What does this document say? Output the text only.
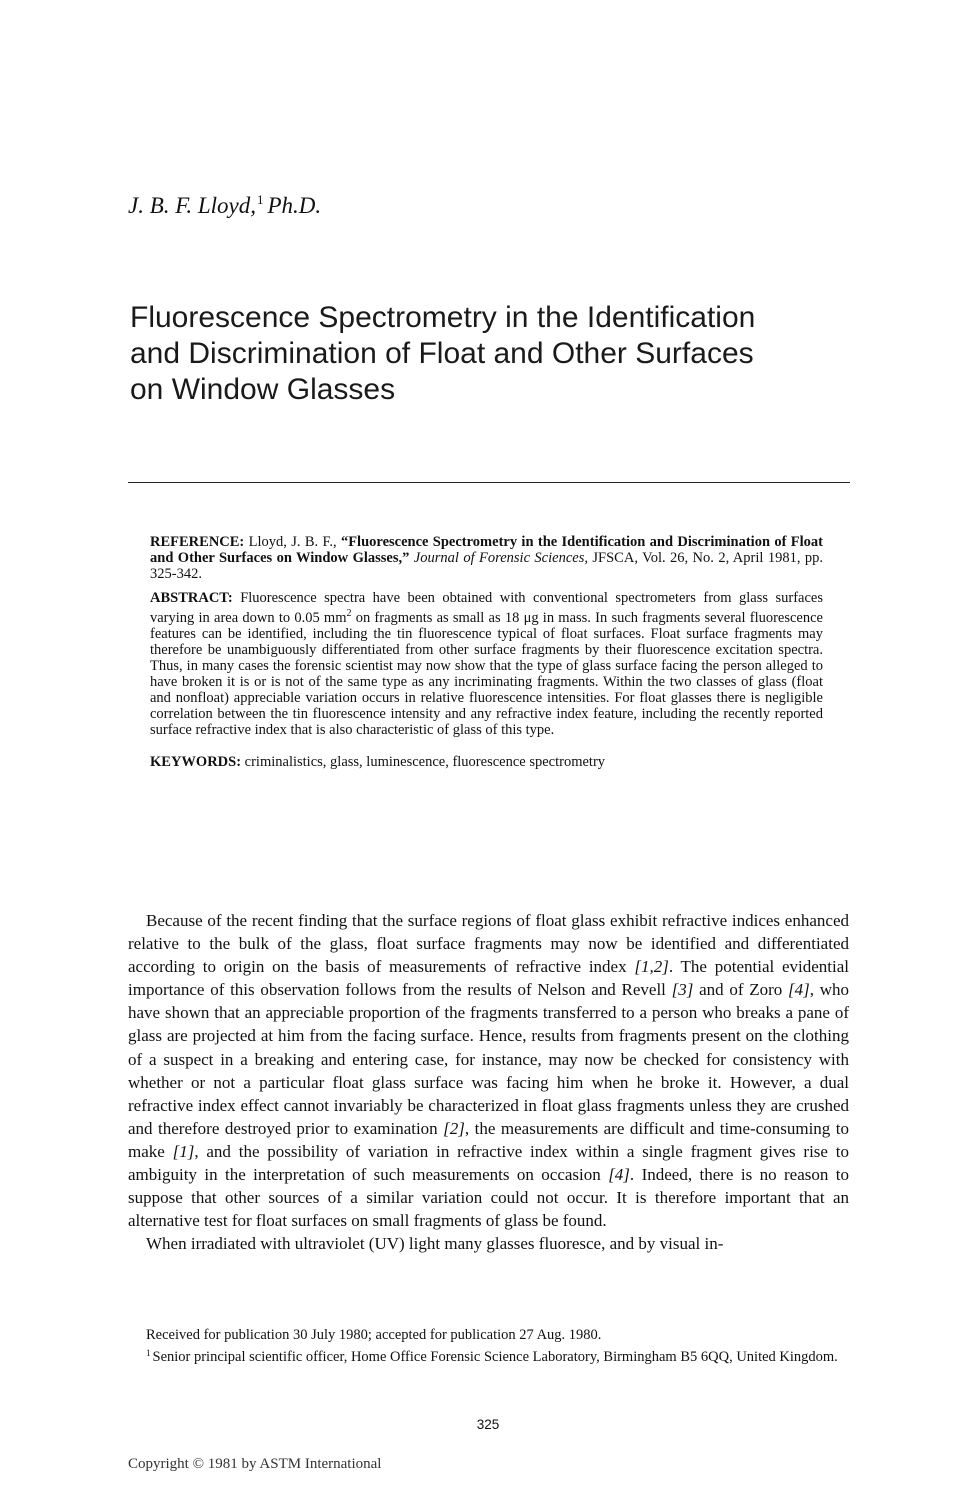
J. B. F. Lloyd,$^1$ Ph.D.
Fluorescence Spectrometry in the Identification
and Discrimination of Float and Other Surfaces
on Window Glasses

REFERENCE: Lloyd, J. B. F., “Fluorescence Spectrometry in the Identification and Discrimination of Float and Other Surfaces on Window Glasses,” Journal of Forensic Sciences, JFSCA, Vol. 26, No. 2, April 1981, pp. 325-342.

ABSTRACT: Fluorescence spectra have been obtained with conventional spectrometers from glass surfaces varying in area down to 0.05 $mm^2$ on fragments as small as 18 μg in mass. In such fragments several fluorescence features can be identified, including the tin fluorescence typical of float surfaces. Float surface fragments may therefore be unambiguously differentiated from other surface fragments by their fluorescence excitation spectra. Thus, in many cases the forensic scientist may now show that the type of glass surface facing the person alleged to have broken it is or is not of the same type as any incriminating fragments. Within the two classes of glass (float and nonfloat) appreciable variation occurs in relative fluorescence intensities. For float glasses there is negligible correlation between the tin fluorescence intensity and any refractive index feature, including the recently reported surface refractive index that is also characteristic of glass of this type.

KEYWORDS: criminalistics, glass, luminescence, fluorescence spectrometry

Because of the recent finding that the surface regions of float glass exhibit refractive indices enhanced relative to the bulk of the glass, float surface fragments may now be identified and differentiated according to origin on the basis of measurements of refractive index [1,2]. The potential evidential importance of this observation follows from the results of Nelson and Revell [3] and of Zoro [4], who have shown that an appreciable proportion of the fragments transferred to a person who breaks a pane of glass are projected at him from the facing surface. Hence, results from fragments present on the clothing of a suspect in a breaking and entering case, for instance, may now be checked for consistency with whether or not a particular float glass surface was facing him when he broke it. However, a dual refractive index effect cannot invariably be characterized in float glass fragments unless they are crushed and therefore destroyed prior to examination [2], the measurements are difficult and time-consuming to make [1], and the possibility of variation in refractive index within a single fragment gives rise to ambiguity in the interpretation of such measurements on occasion [4]. Indeed, there is no reason to suppose that other sources of a similar variation could not occur. It is therefore important that an alternative test for float surfaces on small fragments of glass be found.

When irradiated with ultraviolet (UV) light many glasses fluoresce, and by visual in-

Received for publication 30 July 1980; accepted for publication 27 Aug. 1980.

$^1$ Senior principal scientific officer, Home Office Forensic Science Laboratory, Birmingham B5 6QQ, United Kingdom.

325
Copyright © 1981 by ASTM International
